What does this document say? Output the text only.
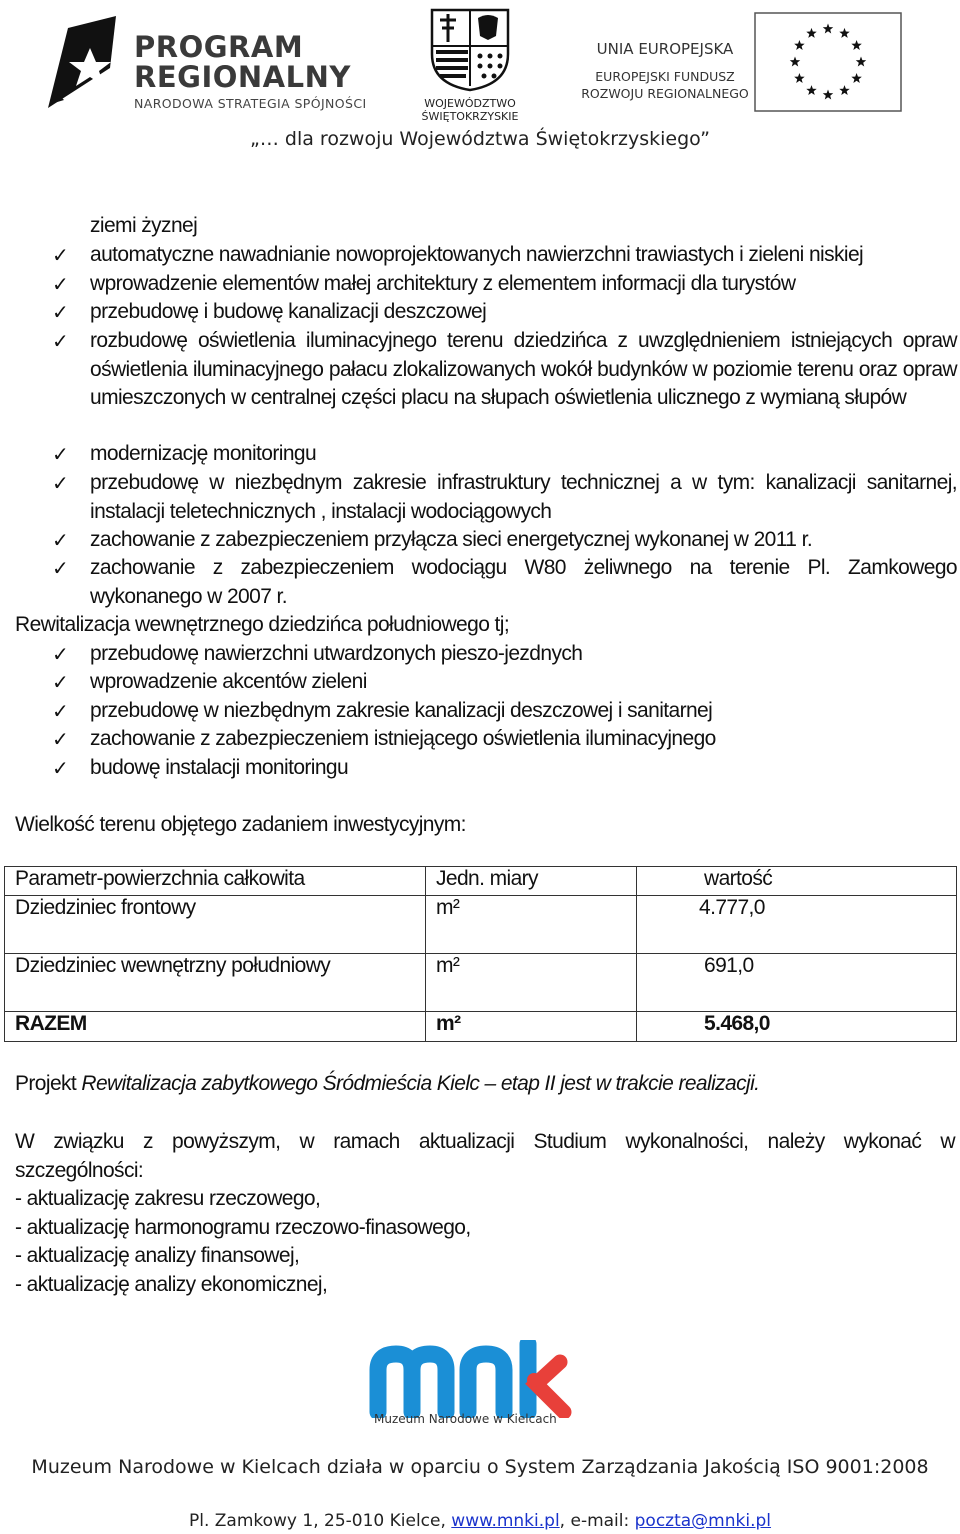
PROGRAM
REGIONALNY
NARODOWA STRATEGIA SPÓJNOŚCI	WOJEWÓDZTWO
ŚWIĘTOKRZYSKIE
UNIA EUROPEJSKA
EUROPEJSKI FUNDUSZ
ROZWOJU REGIONALNEGO
„… dla rozwoju Województwa Świętokrzyskiego”
ziemi żyznej
✓ automatyczne nawadnianie nowoprojektowanych nawierzchni trawiastych i zieleni niskiej
✓ wprowadzenie elementów małej architektury z elementem informacji dla turystów
✓ przebudowę i budowę kanalizacji deszczowej
✓ rozbudowę oświetlenia iluminacyjnego terenu dziedzińca z uwzględnieniem istniejących opraw oświetlenia iluminacyjnego pałacu zlokalizowanych wokół budynków w poziomie terenu oraz opraw umieszczonych w centralnej części placu na słupach oświetlenia ulicznego z wymianą słupów
✓ modernizację monitoringu
✓ przebudowę w niezbędnym zakresie infrastruktury technicznej a w tym: kanalizacji sanitarnej, instalacji teletechnicznych , instalacji wodociągowych
✓ zachowanie z zabezpieczeniem przyłącza sieci energetycznej wykonanej w 2011 r.
✓ zachowanie z zabezpieczeniem wodociągu W80 żeliwnego na terenie Pl. Zamkowego wykonanego w 2007 r.
Rewitalizacja wewnętrznego dziedzińca południowego tj;
✓ przebudowę nawierzchni utwardzonych pieszo-jezdnych
✓ wprowadzenie akcentów zieleni
✓ przebudowę w niezbędnym zakresie kanalizacji deszczowej i sanitarnej
✓ zachowanie z zabezpieczeniem istniejącego oświetlenia iluminacyjnego
✓ budowę instalacji monitoringu
Wielkość terenu objętego zadaniem inwestycyjnym:
Parametr-powierzchnia całkowita	Jedn. miary	wartość
Dziedziniec frontowy	m²	4.777,0
Dziedziniec wewnętrzny południowy	m²	691,0
RAZEM	m²	5.468,0
Projekt Rewitalizacja zabytkowego Śródmieścia Kielc – etap II jest w trakcie realizacji.
W związku z powyższym, w ramach aktualizacji Studium wykonalności, należy wykonać w
szczególności:
- aktualizację zakresu rzeczowego,
- aktualizację harmonogramu rzeczowo-finasowego,
- aktualizację analizy finansowej,
- aktualizację analizy ekonomicznej,
Muzeum Narodowe w Kielcach
Muzeum Narodowe w Kielcach działa w oparciu o System Zarządzania Jakością ISO 9001:2008
Pl. Zamkowy 1, 25-010 Kielce, www.mnki.pl, e-mail: poczta@mnki.pl
